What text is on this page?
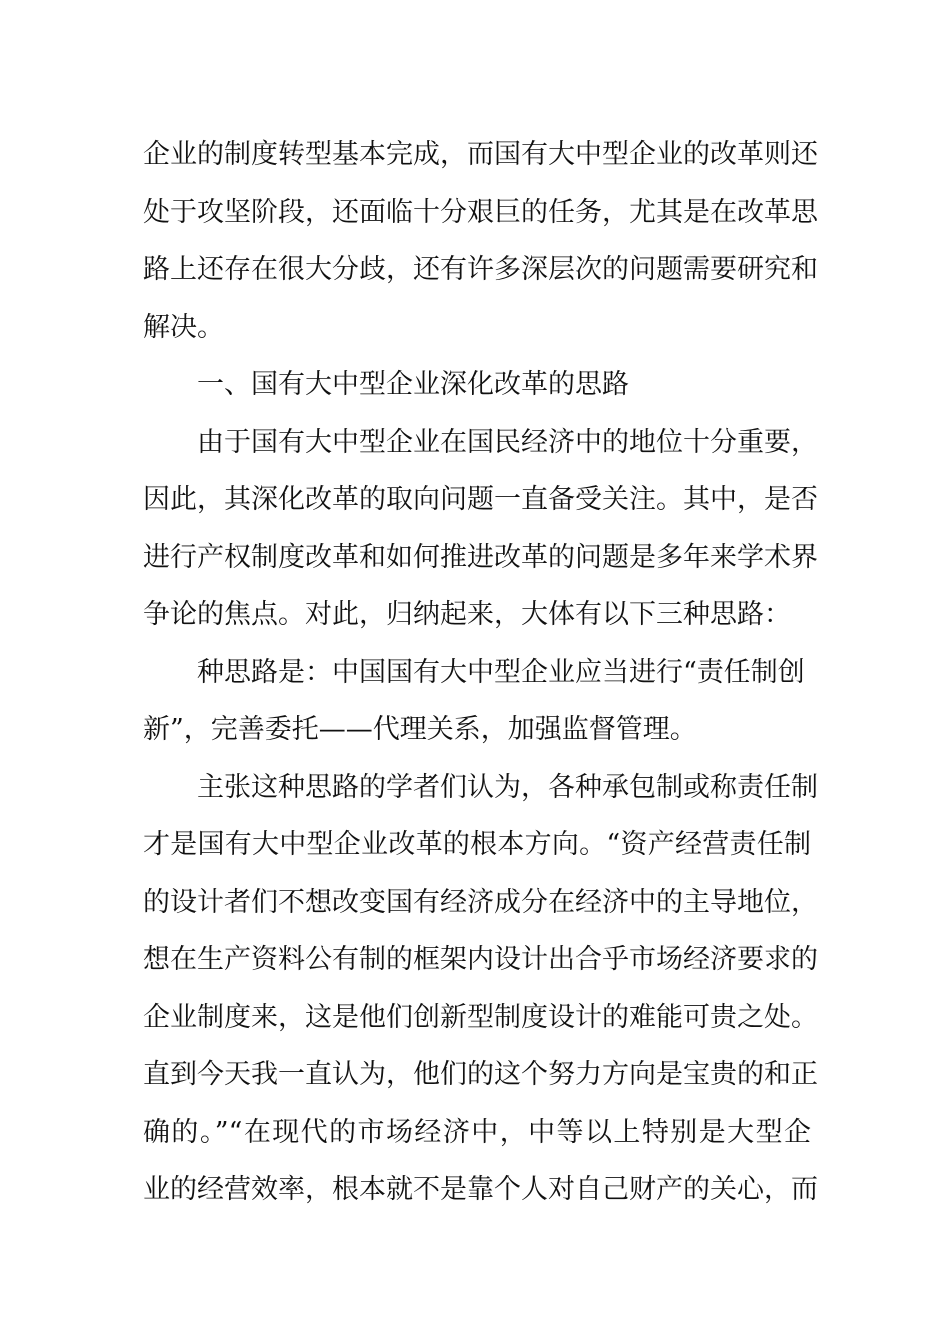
企业的制度转型基本完成，而国有大中型企业的改革则还
处于攻坚阶段，还面临十分艰巨的任务，尤其是在改革思
路上还存在很大分歧，还有许多深层次的问题需要研究和
解决。
一、国有大中型企业深化改革的思路
由于国有大中型企业在国民经济中的地位十分重要，
因此，其深化改革的取向问题一直备受关注。其中，是否
进行产权制度改革和如何推进改革的问题是多年来学术界
争论的焦点。对此，归纳起来，大体有以下三种思路：
种思路是：中国国有大中型企业应当进行“责任制创
新”，完善委托——代理关系，加强监督管理。
主张这种思路的学者们认为，各种承包制或称责任制
才是国有大中型企业改革的根本方向。“资产经营责任制
的设计者们不想改变国有经济成分在经济中的主导地位，
想在生产资料公有制的框架内设计出合乎市场经济要求的
企业制度来，这是他们创新型制度设计的难能可贵之处。
直到今天我一直认为，他们的这个努力方向是宝贵的和正
确的。”“在现代的市场经济中，中等以上特别是大型企
业的经营效率，根本就不是靠个人对自己财产的关心，而
